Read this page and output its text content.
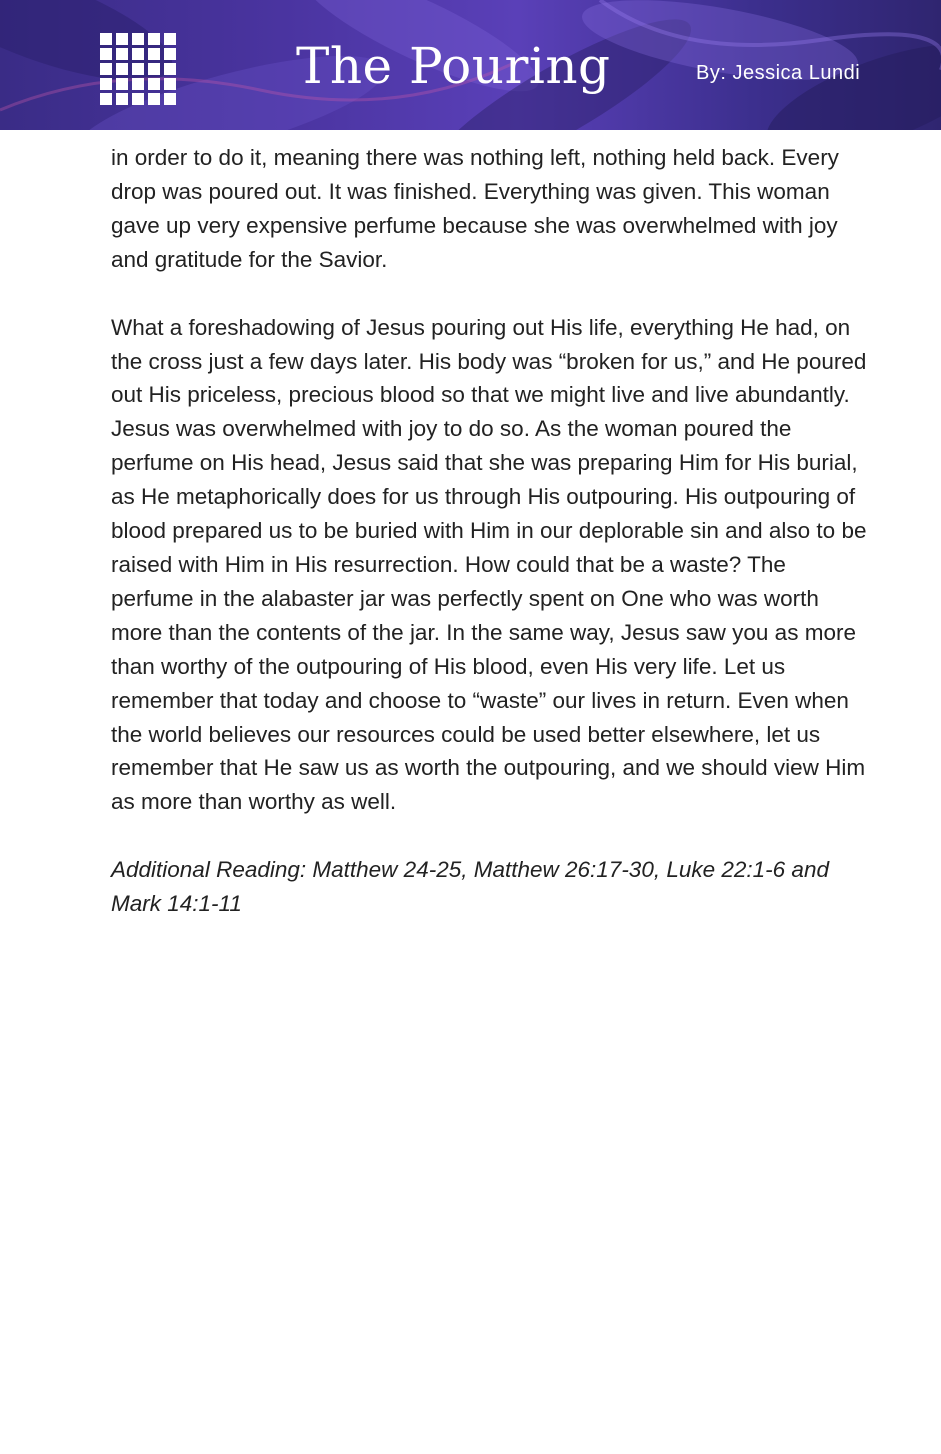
The Pouring	By: Jessica Lundi

in order to do it, meaning there was nothing left, nothing held back. Every drop was poured out. It was finished. Everything was given. This woman gave up very expensive perfume because she was overwhelmed with joy and gratitude for the Savior.

What a foreshadowing of Jesus pouring out His life, everything He had, on the cross just a few days later. His body was “broken for us,” and He poured out His priceless, precious blood so that we might live and live abundantly. Jesus was overwhelmed with joy to do so. As the woman poured the perfume on His head, Jesus said that she was preparing Him for His burial, as He metaphorically does for us through His outpouring. His outpouring of blood prepared us to be buried with Him in our deplorable sin and also to be raised with Him in His resurrection. How could that be a waste? The perfume in the alabaster jar was perfectly spent on One who was worth more than the contents of the jar. In the same way, Jesus saw you as more than worthy of the outpouring of His blood, even His very life. Let us remember that today and choose to “waste” our lives in return. Even when the world believes our resources could be used better elsewhere, let us remember that He saw us as worth the outpouring, and we should view Him as more than worthy as well.

Additional Reading: Matthew 24-25, Matthew 26:17-30, Luke 22:1-6 and Mark 14:1-11
